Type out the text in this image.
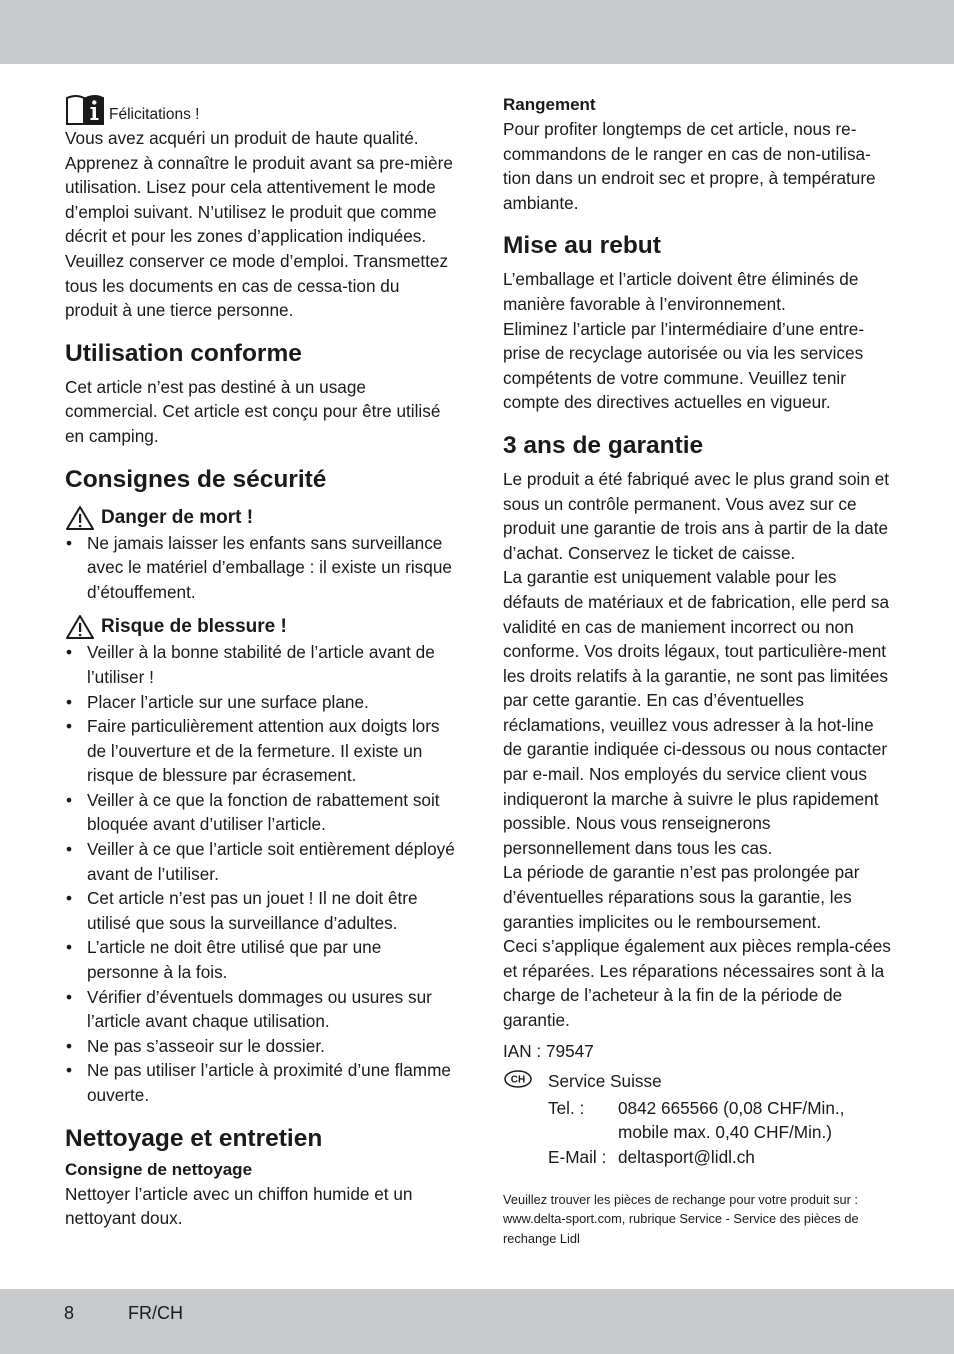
Félicitations !

Vous avez acquéri un produit de haute qualité. Apprenez à connaître le produit avant sa pre-mière utilisation. Lisez pour cela attentivement le mode d’emploi suivant. N’utilisez le produit que comme décrit et pour les zones d’application indiquées. Veuillez conserver ce mode d’emploi. Transmettez tous les documents en cas de cessa-tion du produit à une tierce personne.

Utilisation conforme

Cet article n’est pas destiné à un usage commercial. Cet article est conçu pour être utilisé en camping.

Consignes de sécurité
Danger de mort !
• Ne jamais laisser les enfants sans surveillance avec le matériel d’emballage : il existe un risque d’étouffement.
Risque de blessure !
• Veiller à la bonne stabilité de l’article avant de l’utiliser !
• Placer l’article sur une surface plane.
• Faire particulièrement attention aux doigts lors de l’ouverture et de la fermeture. Il existe un risque de blessure par écrasement.
• Veiller à ce que la fonction de rabattement soit bloquée avant d’utiliser l’article.
• Veiller à ce que l’article soit entièrement déployé avant de l’utiliser.
• Cet article n’est pas un jouet ! Il ne doit être utilisé que sous la surveillance d’adultes.
• L’article ne doit être utilisé que par une personne à la fois.
• Vérifier d’éventuels dommages ou usures sur l’article avant chaque utilisation.
• Ne pas s’asseoir sur le dossier.
• Ne pas utiliser l’article à proximité d’une flamme ouverte.
Nettoyage et entretien
Consigne de nettoyage

Nettoyer l’article avec un chiffon humide et un nettoyant doux.

Rangement

Pour profiter longtemps de cet article, nous re-commandons de le ranger en cas de non-utilisa-tion dans un endroit sec et propre, à température ambiante.

Mise au rebut

L’emballage et l’article doivent être éliminés de manière favorable à l’environnement.

Eliminez l’article par l’intermédiaire d’une entre-prise de recyclage autorisée ou via les services compétents de votre commune. Veuillez tenir compte des directives actuelles en vigueur.

3 ans de garantie

Le produit a été fabriqué avec le plus grand soin et sous un contrôle permanent. Vous avez sur ce produit une garantie de trois ans à partir de la date d’achat. Conservez le ticket de caisse.

La garantie est uniquement valable pour les défauts de matériaux et de fabrication, elle perd sa validité en cas de maniement incorrect ou non conforme. Vos droits légaux, tout particulière-ment les droits relatifs à la garantie, ne sont pas limitées par cette garantie. En cas d’éventuelles réclamations, veuillez vous adresser à la hot-line de garantie indiquée ci-dessous ou nous contacter par e-mail. Nos employés du service client vous indiqueront la marche à suivre le plus rapidement possible. Nous vous renseignerons personnellement dans tous les cas.

La période de garantie n’est pas prolongée par d’éventuelles réparations sous la garantie, les garanties implicites ou le remboursement.

Ceci s’applique également aux pièces rempla-cées et réparées. Les réparations nécessaires sont à la charge de l’acheteur à la fin de la période de garantie.

IAN : 79547

CH Service Suisse
Tel. :	0842 665566 (0,08 CHF/Min., mobile max. 0,40 CHF/Min.)
E-Mail : deltasport@lidl.ch

Veuillez trouver les pièces de rechange pour votre produit sur : www.delta-sport.com, rubrique Service - Service des pièces de rechange Lidl

8	FR/CH
